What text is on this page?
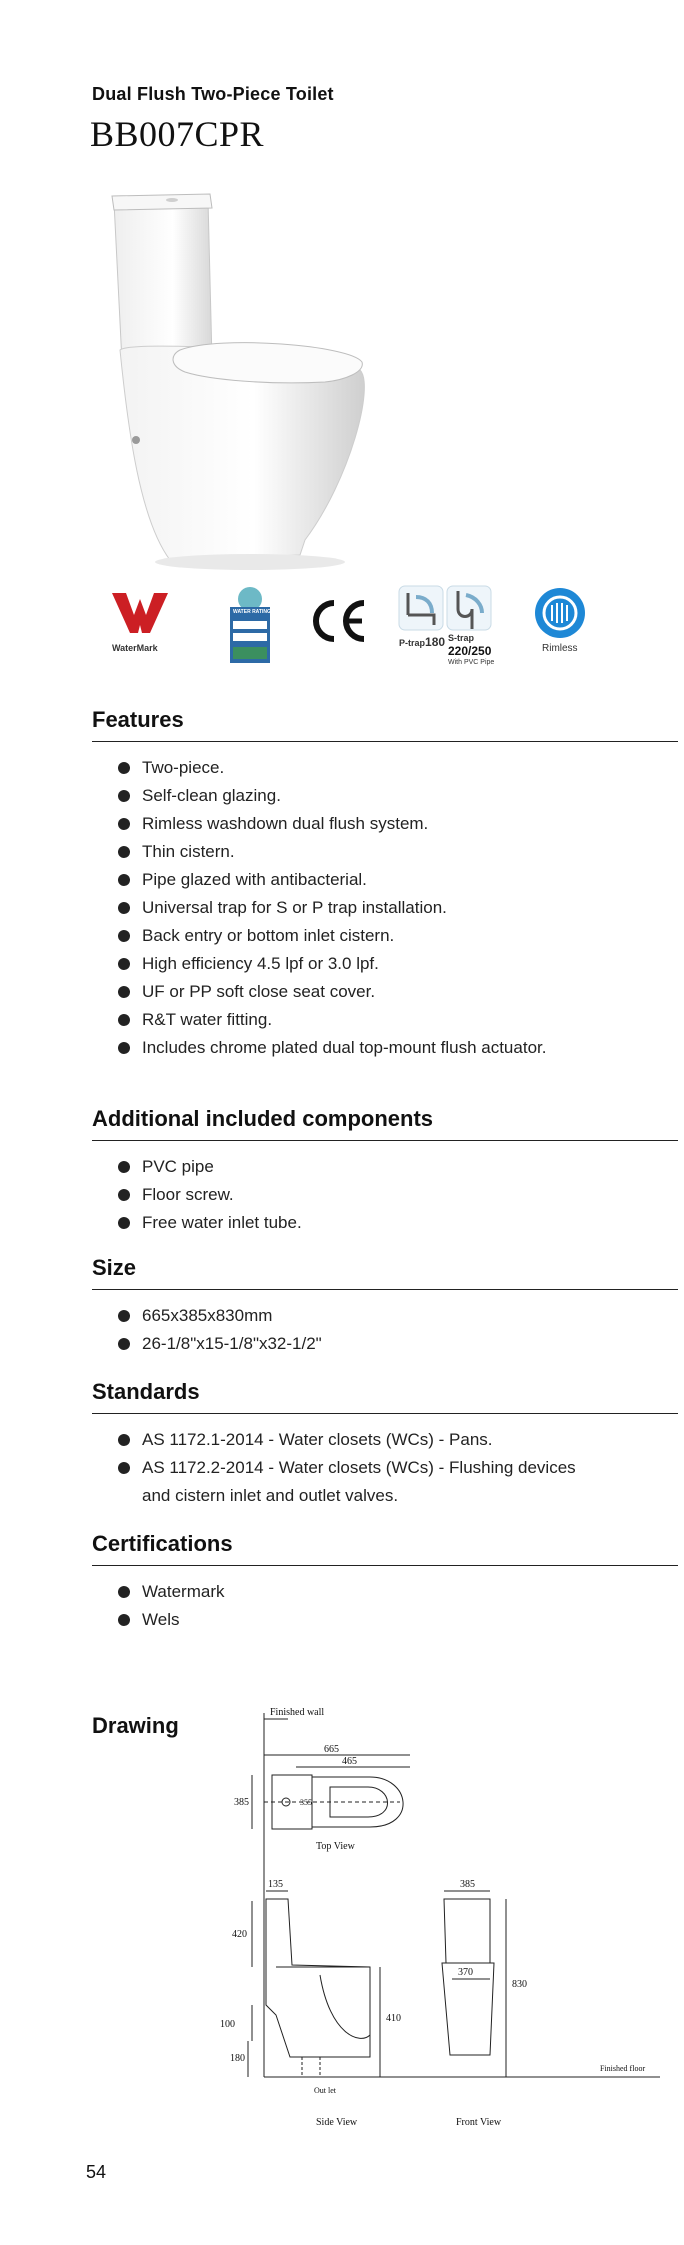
Dual Flush Two-Piece Toilet
BB007CPR
WaterMark
WATER RATING
P-trap180 S-trap
220/250
With PVC Pipe
Rimless
Features
Two-piece.
Self-clean glazing.
Rimless washdown dual flush system.
Thin cistern.
Pipe glazed with antibacterial.
Universal trap for S or P trap installation.
Back entry or bottom inlet cistern.
High efficiency 4.5 lpf or 3.0 lpf.
UF or PP soft close seat cover.
R&T water fitting.
Includes chrome plated dual top-mount flush actuator.
Additional included components
PVC pipe
Floor screw.
Free water inlet tube.
Size
665x385x830mm
26-1/8"x15-1/8"x32-1/2"
Standards
AS 1172.1-2014 - Water closets (WCs) - Pans.
AS 1172.2-2014 - Water closets (WCs) - Flushing devices
and cistern inlet and outlet valves.
Certifications
Watermark
Wels
Drawing
Finished wall
665
465
385	355
Top View
135
420
100
180
410
Out let
Side View
385
370
830
Finished floor
Front View
54
